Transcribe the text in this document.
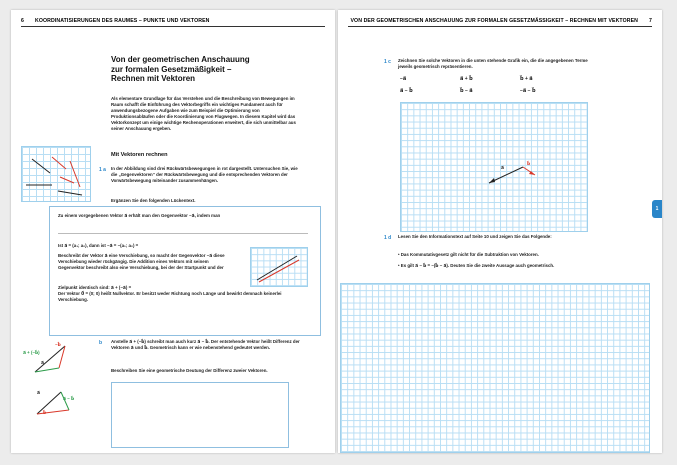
6 KOORDINATISIERUNGEN DES RAUMES – PUNKTE UND VEKTOREN
Von der geometrischen Anschauung
zur formalen Gesetzmäßigkeit –
Rechnen mit Vektoren
Als elementare Grundlage für das Verstehen und die Beschreibung von Bewegungen im Raum schafft die Einführung des Vektorbegriffs ein wichtiges Fundament auch für anwendungsbezogene Aufgaben wie zum Beispiel die Optimierung von Produktionsabläufen oder die Koordinierung von Flugwegen. In diesem Kapitel wird das Vektorkonzept um einige wichtige Rechenoperationen erweitert, die sich unmittelbar aus seiner Anschauung ergeben.
Mit Vektoren rechnen
1 a In der Abbildung sind drei Rückwärtsbewegungen in rot dargestellt. Untersuchen Sie, wie die „Gegenvektoren“ der Rückwärtsbewegung und die entsprechenden Vektoren der Vorwärtsbewegung miteinander zusammenhängen.
Ergänzen Sie den folgenden Lückentext.
Zu einem vorgegebenen Vektor a⃗ erhält man den Gegenvektor −a⃗, indem man
Ist a⃗ = (a₁; a₂), dann ist −a⃗ = −(a₁; a₂) =
Beschreibt der Vektor a⃗ eine Verschiebung, so macht der Gegenvektor −a⃗ diese Verschiebung wieder rückgängig. Die Addition eines Vektors mit seinem Gegenvektor beschreibt also eine Verschiebung, bei der der Startpunkt und der
Zielpunkt identisch sind: a⃗ + (−a⃗) =
Der Vektor 0⃗ = (0; 0) heißt Nullvektor. Er besitzt weder Richtung noch Länge und bewirkt demnach keinerlei Verschiebung.
b Anstelle a⃗ + (−b⃗) schreibt man auch kurz a⃗ − b⃗. Der entstehende Vektor heißt Differenz der Vektoren a⃗ und b⃗. Geometrisch kann er wie nebenstehend gedeutet werden.
Beschreiben Sie eine geometrische Deutung der Differenz zweier Vektoren.
a⃗ + (−b⃗)
−b⃗
a⃗
a⃗
b⃗
a⃗ − b⃗
VON DER GEOMETRISCHEN ANSCHAUUNG ZUR FORMALEN GESETZMÄSSIGKEIT – RECHNEN MIT VEKTOREN 7
1 c Zeichnen Sie solche Vektoren in die unten stehende Grafik ein, die die angegebenen Terme jeweils geometrisch repräsentieren.
−a⃗	a⃗ + b⃗	b⃗ + a⃗
a⃗ − b⃗	b⃗ − a⃗	−a⃗ − b⃗
a⃗
b⃗
1 d Lesen Sie den Informationstext auf Seite 10 und zeigen Sie das Folgende:
• Das Kommutativgesetz gilt nicht für die Subtraktion von Vektoren.
• Es gilt a⃗ − b⃗ = −(b⃗ − a⃗). Deuten Sie die zweite Aussage auch geometrisch.
1
